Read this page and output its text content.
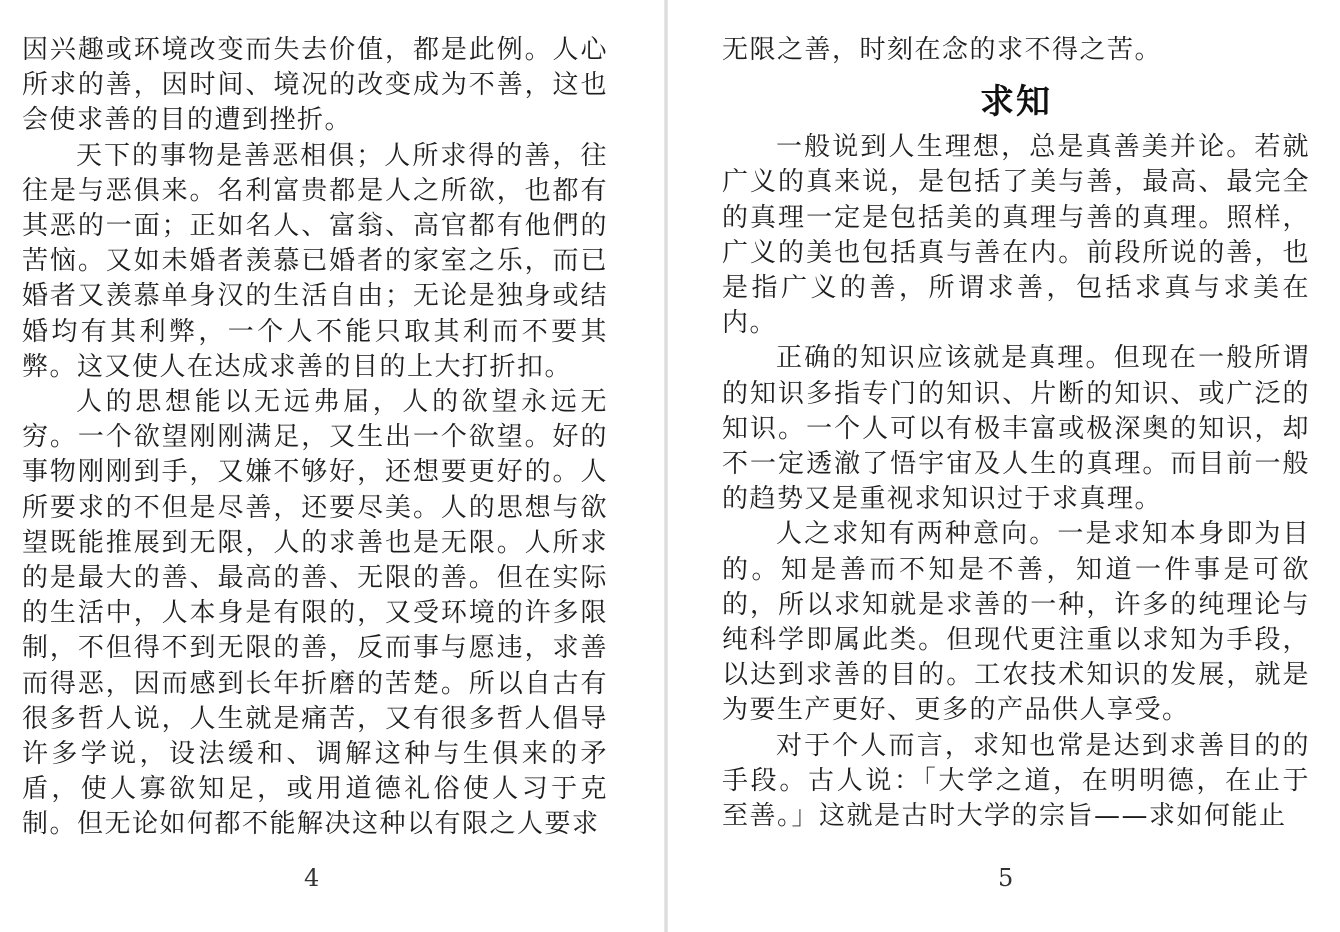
因兴趣或环境改变而失去价值，都是此例。人心所求的善，因时间、境况的改变成为不善，这也会使求善的目的遭到挫折。

天下的事物是善恶相俱；人所求得的善，往往是与恶俱来。名利富贵都是人之所欲，也都有其恶的一面；正如名人、富翁、高官都有他們的苦恼。又如未婚者羡慕已婚者的家室之乐，而已婚者又羡慕单身汉的生活自由；无论是独身或结婚均有其利弊，一个人不能只取其利而不要其弊。这又使人在达成求善的目的上大打折扣。

人的思想能以无远弗届，人的欲望永远无穷。一个欲望刚刚满足，又生出一个欲望。好的事物刚刚到手，又嫌不够好，还想要更好的。人所要求的不但是尽善，还要尽美。人的思想与欲望既能推展到无限，人的求善也是无限。人所求的是最大的善、最高的善、无限的善。但在实际的生活中，人本身是有限的，又受环境的许多限制，不但得不到无限的善，反而事与愿违，求善而得恶，因而感到长年折磨的苦楚。所以自古有很多哲人说，人生就是痛苦，又有很多哲人倡导许多学说，设法缓和、调解这种与生俱来的矛盾，使人寡欲知足，或用道德礼俗使人习于克制。但无论如何都不能解决这种以有限之人要求

4

无限之善，时刻在念的求不得之苦。

求知

一般说到人生理想，总是真善美并论。若就广义的真来说，是包括了美与善，最高、最完全的真理一定是包括美的真理与善的真理。照样，广义的美也包括真与善在内。前段所说的善，也是指广义的善，所谓求善，包括求真与求美在内。

正确的知识应该就是真理。但现在一般所谓的知识多指专门的知识、片断的知识、或广泛的知识。一个人可以有极丰富或极深奥的知识，却不一定透澈了悟宇宙及人生的真理。而目前一般的趋势又是重视求知识过于求真理。

人之求知有两种意向。一是求知本身即为目的。知是善而不知是不善，知道一件事是可欲的，所以求知就是求善的一种，许多的纯理论与纯科学即属此类。但现代更注重以求知为手段，以达到求善的目的。工农技术知识的发展，就是为要生产更好、更多的产品供人享受。

对于个人而言，求知也常是达到求善目的的手段。古人说：「大学之道，在明明德，在止于至善。」这就是古时大学的宗旨——求如何能止

5
